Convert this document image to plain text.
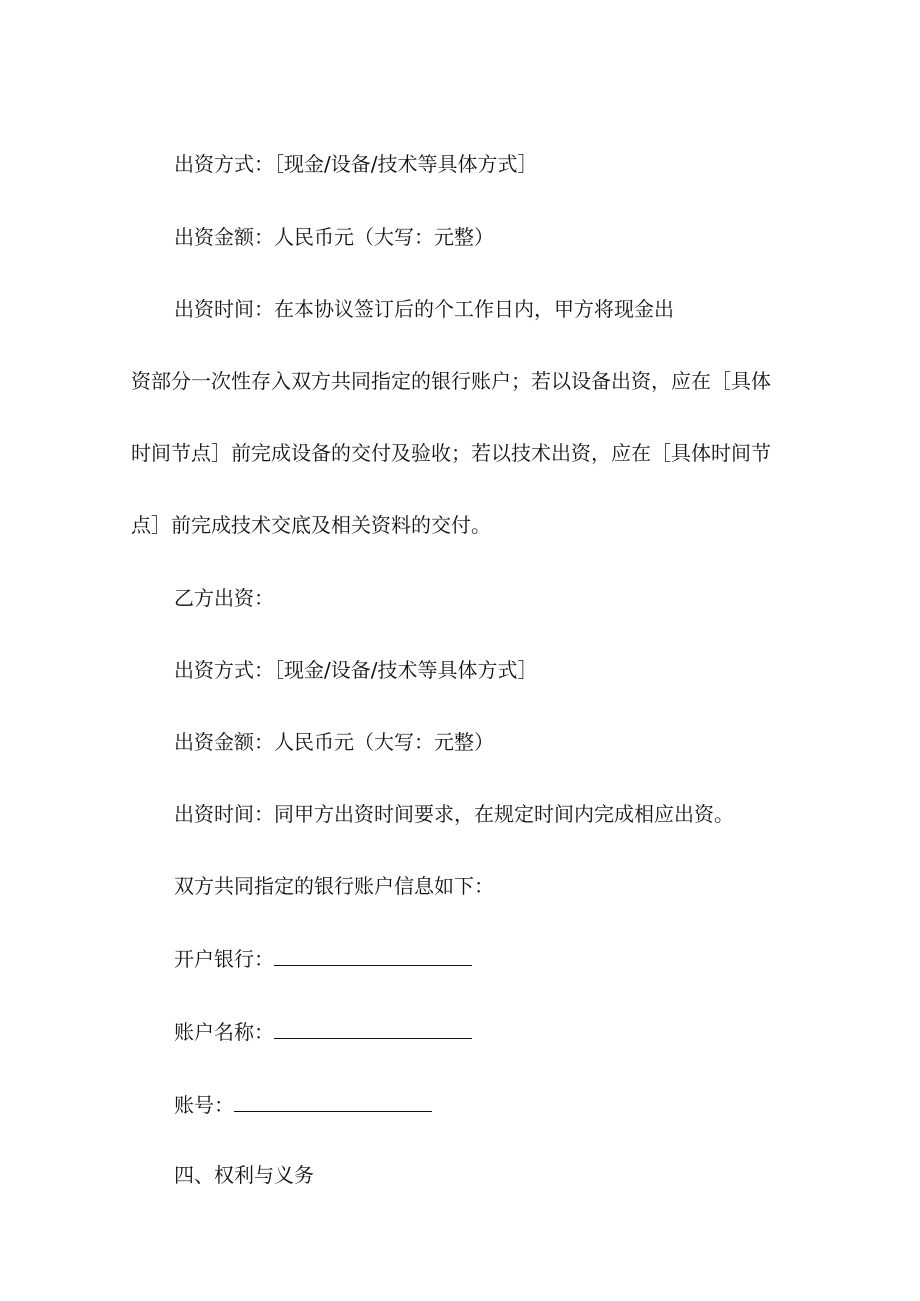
出资方式：［现金/设备/技术等具体方式］
出资金额：人民币元（大写：元整）
出资时间：在本协议签订后的个工作日内，甲方将现金出
资部分一次性存入双方共同指定的银行账户；若以设备出资，应在［具体
时间节点］前完成设备的交付及验收；若以技术出资，应在［具体时间节
点］前完成技术交底及相关资料的交付。
乙方出资：
出资方式：［现金/设备/技术等具体方式］
出资金额：人民币元（大写：元整）
出资时间：同甲方出资时间要求，在规定时间内完成相应出资。
双方共同指定的银行账户信息如下：
开户银行：
账户名称：
账号：
四、权利与义务
